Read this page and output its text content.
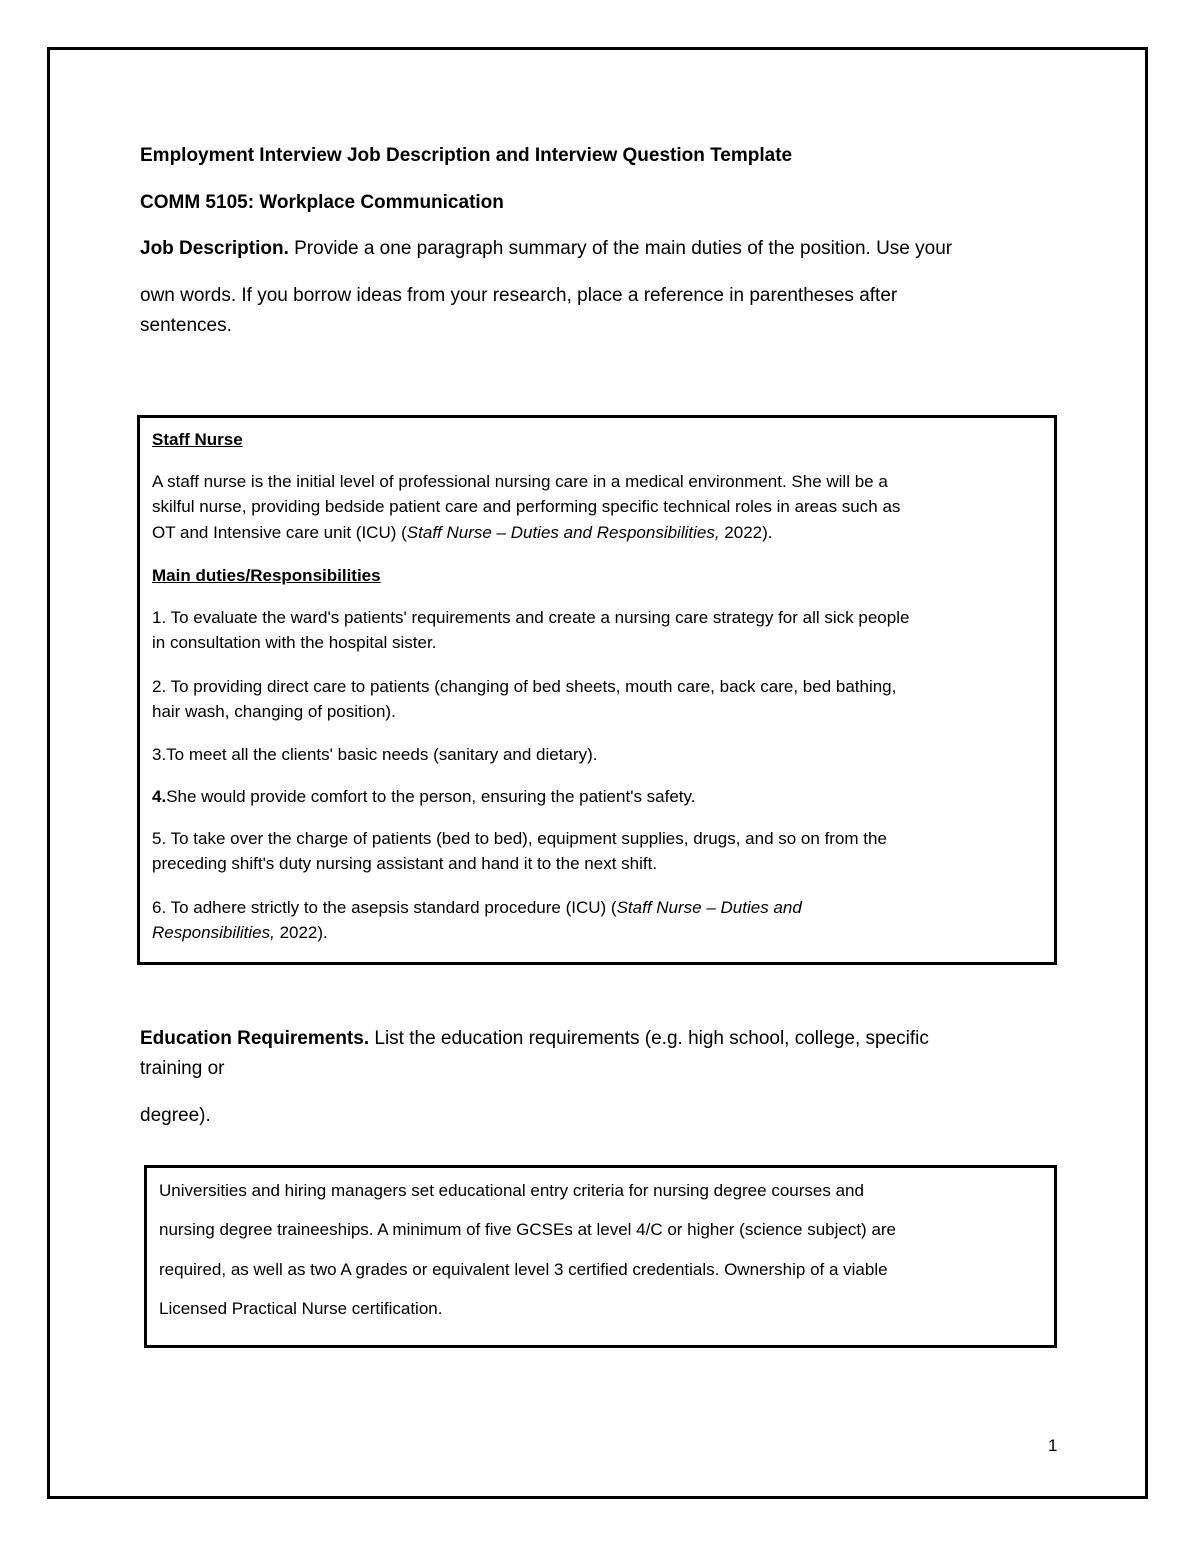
Employment Interview Job Description and Interview Question Template
COMM 5105: Workplace Communication
Job Description. Provide a one paragraph summary of the main duties of the position. Use your
own words. If you borrow ideas from your research, place a reference in parentheses after
sentences.
Staff Nurse
A staff nurse is the initial level of professional nursing care in a medical environment. She will be a
skilful nurse, providing bedside patient care and performing specific technical roles in areas such as
OT and Intensive care unit (ICU) (Staff Nurse – Duties and Responsibilities, 2022).
Main duties/Responsibilities
1. To evaluate the ward's patients' requirements and create a nursing care strategy for all sick people
in consultation with the hospital sister.
2. To providing direct care to patients (changing of bed sheets, mouth care, back care, bed bathing,
hair wash, changing of position).
3.To meet all the clients' basic needs (sanitary and dietary).
4.She would provide comfort to the person, ensuring the patient's safety.
5. To take over the charge of patients (bed to bed), equipment supplies, drugs, and so on from the
preceding shift's duty nursing assistant and hand it to the next shift.
6. To adhere strictly to the asepsis standard procedure (ICU) (Staff Nurse – Duties and
Responsibilities, 2022).
Education Requirements. List the education requirements (e.g. high school, college, specific
training or
degree).
Universities and hiring managers set educational entry criteria for nursing degree courses and
nursing degree traineeships. A minimum of five GCSEs at level 4/C or higher (science subject) are
required, as well as two A grades or equivalent level 3 certified credentials. Ownership of a viable
Licensed Practical Nurse certification.
1
